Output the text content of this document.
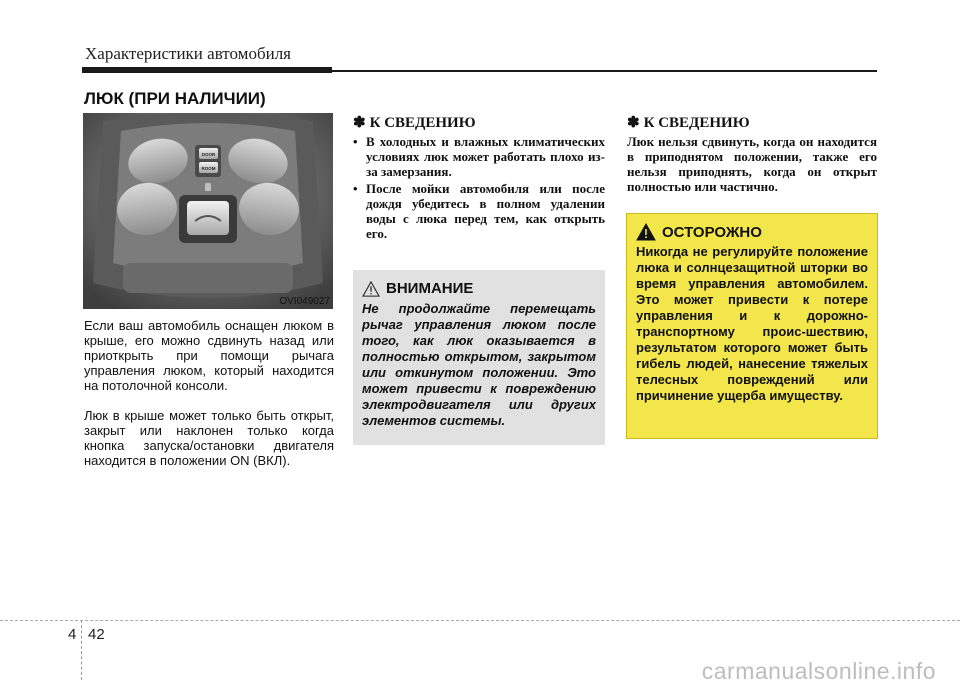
Характеристики автомобиля
ЛЮК (ПРИ НАЛИЧИИ)
DOOR
ROOM
OVI049027
Если ваш автомобиль оснащен люком в крыше, его можно сдвинуть назад или приоткрыть при помощи рычага управления люком, который находится на потолочной консоли.
Люк в крыше может только быть открыт, закрыт или наклонен только когда кнопка запуска/остановки двигателя находится в положении ON (ВКЛ).
✽ К СВЕДЕНИЮ
• В холодных и влажных климатических условиях люк может работать плохо из-за замерзания.
• После мойки автомобиля или после дождя убедитесь в полном удалении воды с люка перед тем, как открыть его.
ВНИМАНИЕ
Не продолжайте перемещать рычаг управления люком после того, как люк оказывается в полностью открытом, закрытом или откинутом положении. Это может привести к повреждению электродвигателя или других элементов системы.
✽ К СВЕДЕНИЮ
Люк нельзя сдвинуть, когда он находится в приподнятом положении, также его нельзя приподнять, когда он открыт полностью или частично.
ОСТОРОЖНО
Никогда не регулируйте положение люка и солнцезащитной шторки во время управления автомобилем. Это может привести к потере управления и к дорожно-транспортному проис-шествию, результатом которого может быть гибель людей, нанесение тяжелых телесных повреждений или причинение ущерба имуществу.
4 42
carmanualsonline.info
